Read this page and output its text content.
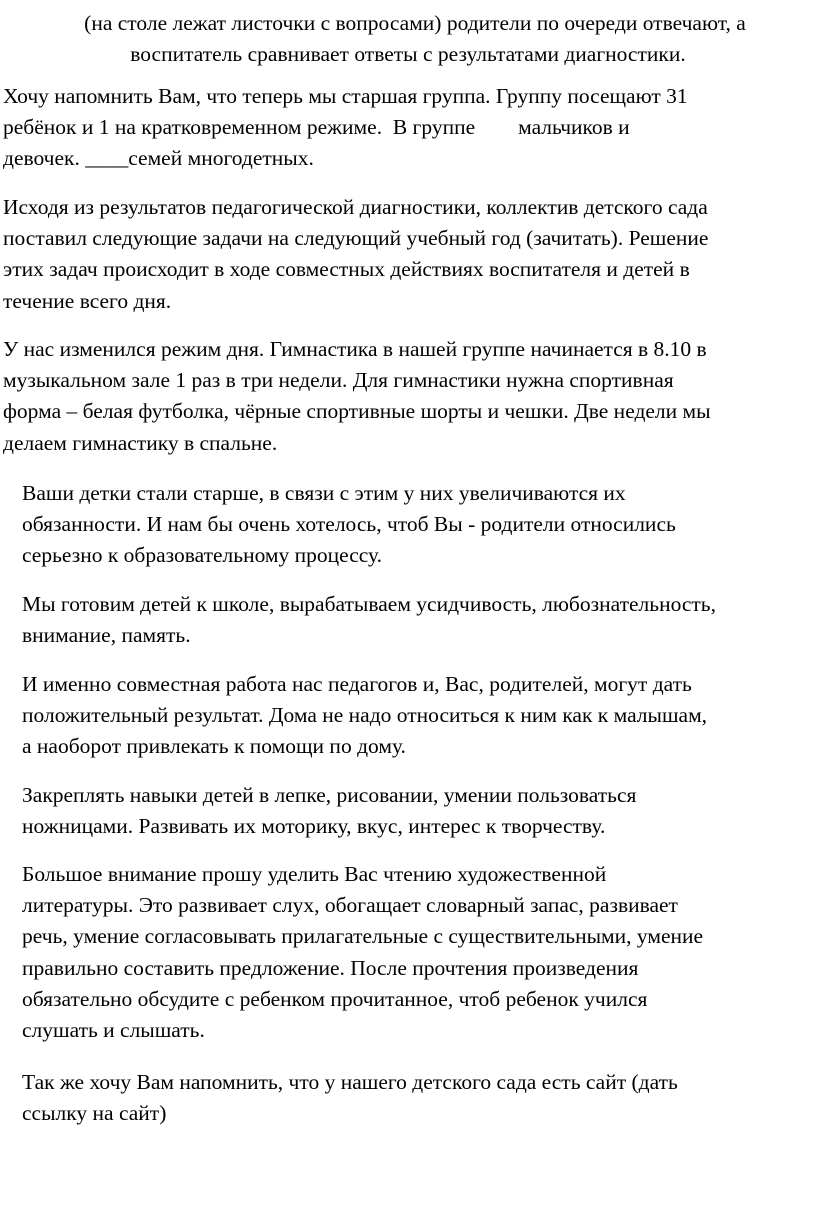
(на столе лежат листочки с вопросами) родители по очереди отвечают, а
воспитатель сравнивает ответы с результатами диагностики.

Хочу напомнить Вам, что теперь мы старшая группа. Группу посещают 31
ребёнок и 1 на кратковременном режиме.  В группе        мальчиков и
девочек. ____семей многодетных.

Исходя из результатов педагогической диагностики, коллектив детского сада
поставил следующие задачи на следующий учебный год (зачитать). Решение
этих задач происходит в ходе совместных действиях воспитателя и детей в
течение всего дня.

У нас изменился режим дня. Гимнастика в нашей группе начинается в 8.10 в
музыкальном зале 1 раз в три недели. Для гимнастики нужна спортивная
форма – белая футболка, чёрные спортивные шорты и чешки. Две недели мы
делаем гимнастику в спальне.

Ваши детки стали старше, в связи с этим у них увеличиваются их
обязанности. И нам бы очень хотелось, чтоб Вы - родители относились
серьезно к образовательному процессу.

Мы готовим детей к школе, вырабатываем усидчивость, любознательность,
внимание, память.

И именно совместная работа нас педагогов и, Вас, родителей, могут дать
положительный результат. Дома не надо относиться к ним как к малышам,
а наоборот привлекать к помощи по дому.

Закреплять навыки детей в лепке, рисовании, умении пользоваться
ножницами. Развивать их моторику, вкус, интерес к творчеству.

Большое внимание прошу уделить Вас чтению художественной
литературы. Это развивает слух, обогащает словарный запас, развивает
речь, умение согласовывать прилагательные с существительными, умение
правильно составить предложение. После прочтения произведения
обязательно обсудите с ребенком прочитанное, чтоб ребенок учился
слушать и слышать.

Так же хочу Вам напомнить, что у нашего детского сада есть сайт (дать
ссылку на сайт)
